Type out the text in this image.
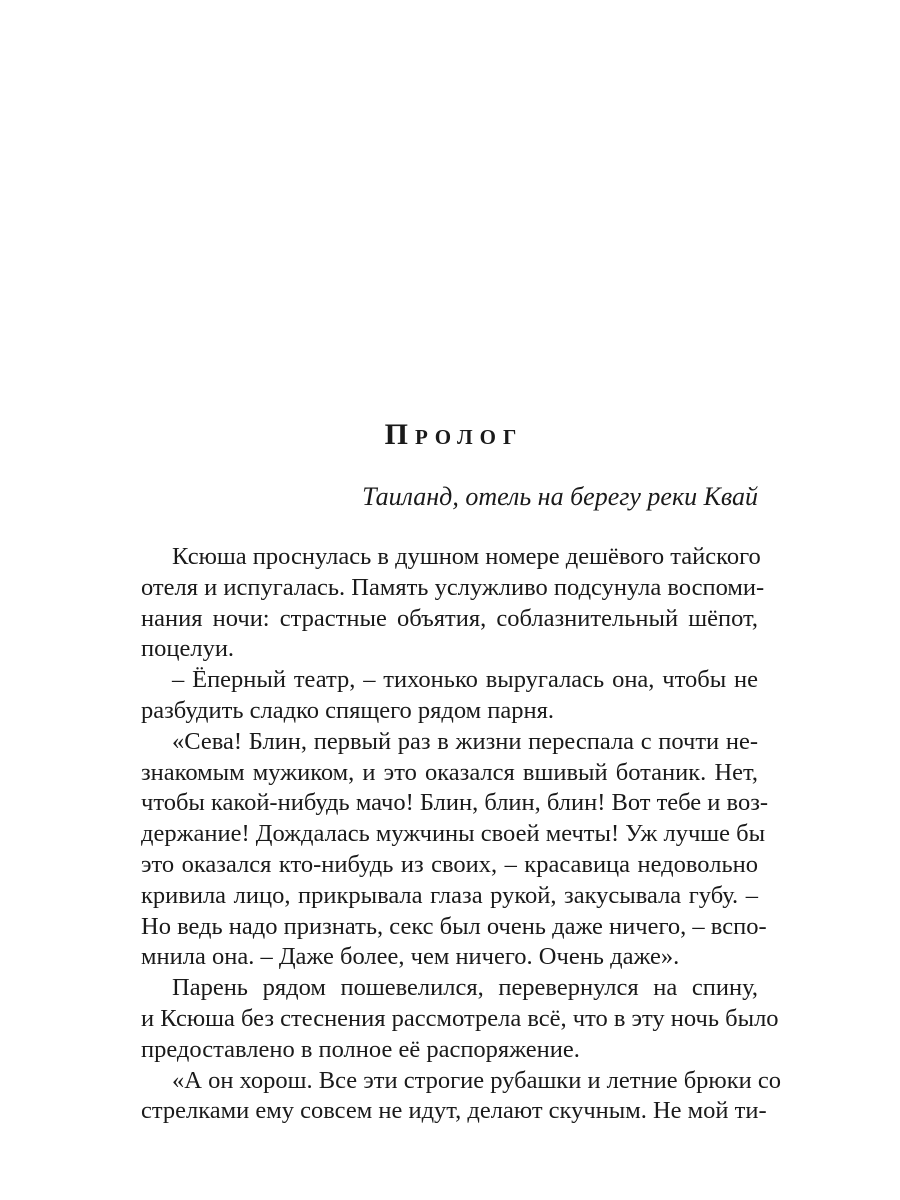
Пролог

Таиланд, отель на берегу реки Квай

Ксюша проснулась в душном номере дешёвого тайского
отеля и испугалась. Память услужливо подсунула воспоми-
нания ночи: страстные объятия, соблазнительный шёпот,
поцелуи.
– Ёперный театр, – тихонько выругалась она, чтобы не
разбудить сладко спящего рядом парня.
«Сева! Блин, первый раз в жизни переспала с почти не-
знакомым мужиком, и это оказался вшивый ботаник. Нет,
чтобы какой-нибудь мачо! Блин, блин, блин! Вот тебе и воз-
держание! Дождалась мужчины своей мечты! Уж лучше бы
это оказался кто-нибудь из своих, – красавица недовольно
кривила лицо, прикрывала глаза рукой, закусывала губу. –
Но ведь надо признать, секс был очень даже ничего, – вспо-
мнила она. – Даже более, чем ничего. Очень даже».
Парень рядом пошевелился, перевернулся на спину,
и Ксюша без стеснения рассмотрела всё, что в эту ночь было
предоставлено в полное её распоряжение.
«А он хорош. Все эти строгие рубашки и летние брюки со
стрелками ему совсем не идут, делают скучным. Не мой ти-
